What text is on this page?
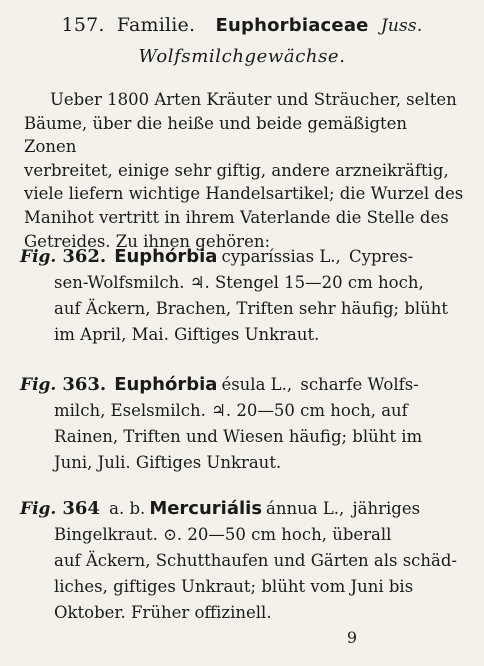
157. Familie. Euphorbiaceae Juss.
Wolfsmilchgewächse.

Ueber 1800 Arten Kräuter und Sträucher, selten

Bäume, über die heiße und beide gemäßigten Zonen

verbreitet, einige sehr giftig, andere arzneikräftig,

viele liefern wichtige Handelsartikel; die Wurzel des

Manihot vertritt in ihrem Vaterlande die Stelle des

Getreides. Zu ihnen gehören:

Fig. 362. Euphórbia cyparíssias L., Cypres-
sen-Wolfsmilch. ♃. Stengel 15—20 cm hoch,
auf Äckern, Brachen, Triften sehr häufig; blüht
im April, Mai. Giftiges Unkraut.
Fig. 363. Euphórbia ésula L., scharfe Wolfs-
milch, Eselsmilch. ♃. 20—50 cm hoch, auf
Rainen, Triften und Wiesen häufig; blüht im
Juni, Juli. Giftiges Unkraut.
Fig. 364 a. b. Mercuriális ánnua L., jähriges
Bingelkraut. ⊙. 20—50 cm hoch, überall
auf Äckern, Schutthaufen und Gärten als schäd-
liches, giftiges Unkraut; blüht vom Juni bis
Oktober. Früher offizinell.
9
